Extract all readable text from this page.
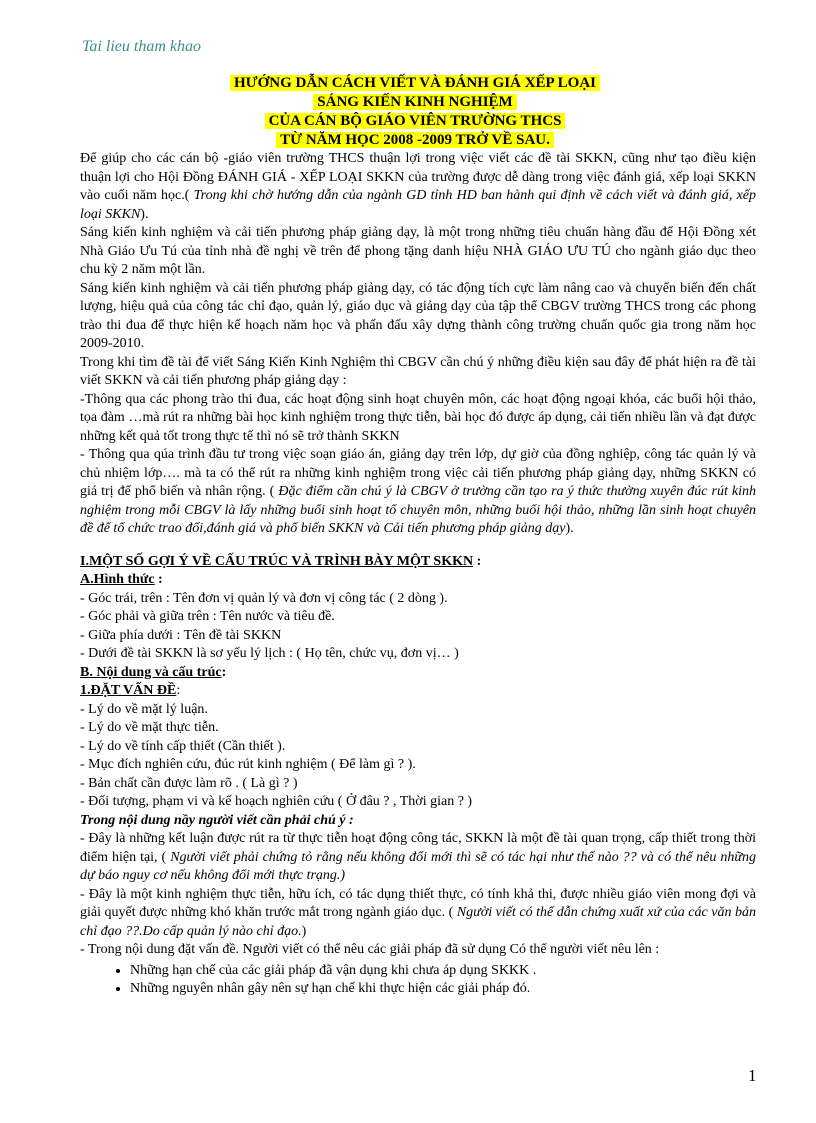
Tai lieu tham khao
HƯỚNG DẪN CÁCH VIẾT VÀ ĐÁNH GIÁ XẾP LOẠI
SÁNG KIẾN KINH NGHIỆM
CỦA CÁN BỘ GIÁO VIÊN TRƯỜNG THCS
TỪ NĂM HỌC 2008 -2009 TRỞ VỀ SAU.

Để giúp cho các cán bộ -giáo viên trường THCS thuận lợi trong việc viết các đề tài SKKN, cũng như tạo điều kiện thuận lợi cho Hội Đồng ĐÁNH GIÁ - XẾP LOẠI SKKN của trường được dễ dàng trong việc đánh giá, xếp loại SKKN vào cuối năm học.( Trong khi chờ hướng dẫn của ngành GD tỉnh HD ban hành qui định về cách viết và đánh giá, xếp loại SKKN).

Sáng kiến kinh nghiệm và cải tiến phương pháp giảng dạy, là một trong những tiêu chuẩn hàng đầu để Hội Đồng xét Nhà Giáo Ưu Tú của tỉnh nhà đề nghị về trên để phong tặng danh hiệu NHÀ GIÁO ƯU TÚ cho ngành giáo dục theo chu kỳ 2 năm một lần.

Sáng kiến kinh nghiệm và cải tiến phương pháp giảng dạy, có tác động tích cực làm nâng cao và chuyển biến đến chất lượng, hiệu quả của công tác chỉ đạo, quản lý, giáo dục và giảng dạy của tập thể CBGV trường THCS trong các phong trào thi đua để thực hiện kế hoạch năm học và phấn đấu xây dựng thành công trường chuẩn quốc gia trong năm học 2009-2010.

Trong khi tìm đề tài để viết Sáng Kiến Kinh Nghiệm thì CBGV cần chú ý những điều kiện sau đây để phát hiện ra đề tài viết SKKN và cải tiến phương pháp giảng dạy :

-Thông qua các phong trào thi đua, các hoạt động sinh hoạt chuyên môn, các hoạt động ngoại khóa, các buổi hội thảo, tọa đàm …mà rút ra những bài học kinh nghiệm trong thực tiễn, bài học đó được áp dụng, cải tiến nhiều lần và đạt được những kết quả tốt trong thực tế thì nó sẽ trở thành SKKN

- Thông qua qúa trình đầu tư trong việc soạn giáo án, giảng dạy trên lớp, dự giờ của đồng nghiệp, công tác quản lý và chủ nhiệm lớp…. mà ta có thể rút ra những kinh nghiệm trong việc cải tiến phương pháp giảng dạy, những SKKN có giá trị để phổ biến và nhân rộng. ( Đặc điểm cần chú ý là CBGV ở trường cần tạo ra ý thức thường xuyên đúc rút kinh nghiệm trong mỗi CBGV là lấy những buổi sinh hoạt tổ chuyên môn, những buổi hội thảo, những lần sinh hoạt chuyên đề để tổ chức trao đổi,đánh giá và phổ biến SKKN và Cải tiến phương pháp giảng dạy).

I.MỘT SỐ GỢI Ý VỀ CẤU TRÚC VÀ TRÌNH BÀY MỘT SKKN :

A.Hình thức :

- Góc trái, trên : Tên đơn vị quản lý và đơn vị công tác ( 2 dòng ).

- Góc phải và giữa trên : Tên nước và tiêu đề.

- Giữa phía dưới : Tên đề tài SKKN

- Dưới đề tài SKKN là sơ yếu lý lịch : ( Họ tên, chức vụ, đơn vị… )

B. Nội dung và cấu trúc:

1.ĐẶT VẤN ĐỀ:

- Lý do về mặt lý luận.

- Lý do về mặt thực tiễn.

- Lý do về tính cấp thiết (Cần thiết ).

- Mục đích nghiên cứu, đúc rút kinh nghiệm ( Để làm gì ? ).

- Bản chất cần được làm rõ . ( Là gì ? )

- Đối tượng, phạm vi và kế hoạch nghiên cứu ( Ở đâu ? , Thời gian ? )

Trong nội dung nầy người viết cần phải chú ý :

- Đây là những kết luận được rút ra từ thực tiễn hoạt động công tác, SKKN là một đề tài quan trọng, cấp thiết trong thời điểm hiện tại, ( Người viết phải chứng tỏ rằng nếu không đổi mới thì sẽ có tác hại như thế nào ?? và có thể nêu những dự báo nguy cơ nếu không đổi mới thực trạng.)

- Đây là một kinh nghiệm thực tiễn, hữu ích, có tác dụng thiết thực, có tính khả thi, được nhiều giáo viên mong đợi và giải quyết được những khó khăn trước mắt trong ngành giáo dục. ( Người viết có thể dẫn chứng xuất xứ của các văn bản chỉ đạo ??.Do cấp quản lý nào chỉ đạo.)

- Trong nội dung đặt vấn đề. Người viết có thể nêu các giải pháp đã sử dụng Có thể người viết nêu lên :

• Những hạn chế của các giải pháp đã vận dụng khi chưa áp dụng SKKK .
• Những nguyên nhân gây nên sự hạn chế khi thực hiện các giải pháp đó.
1
